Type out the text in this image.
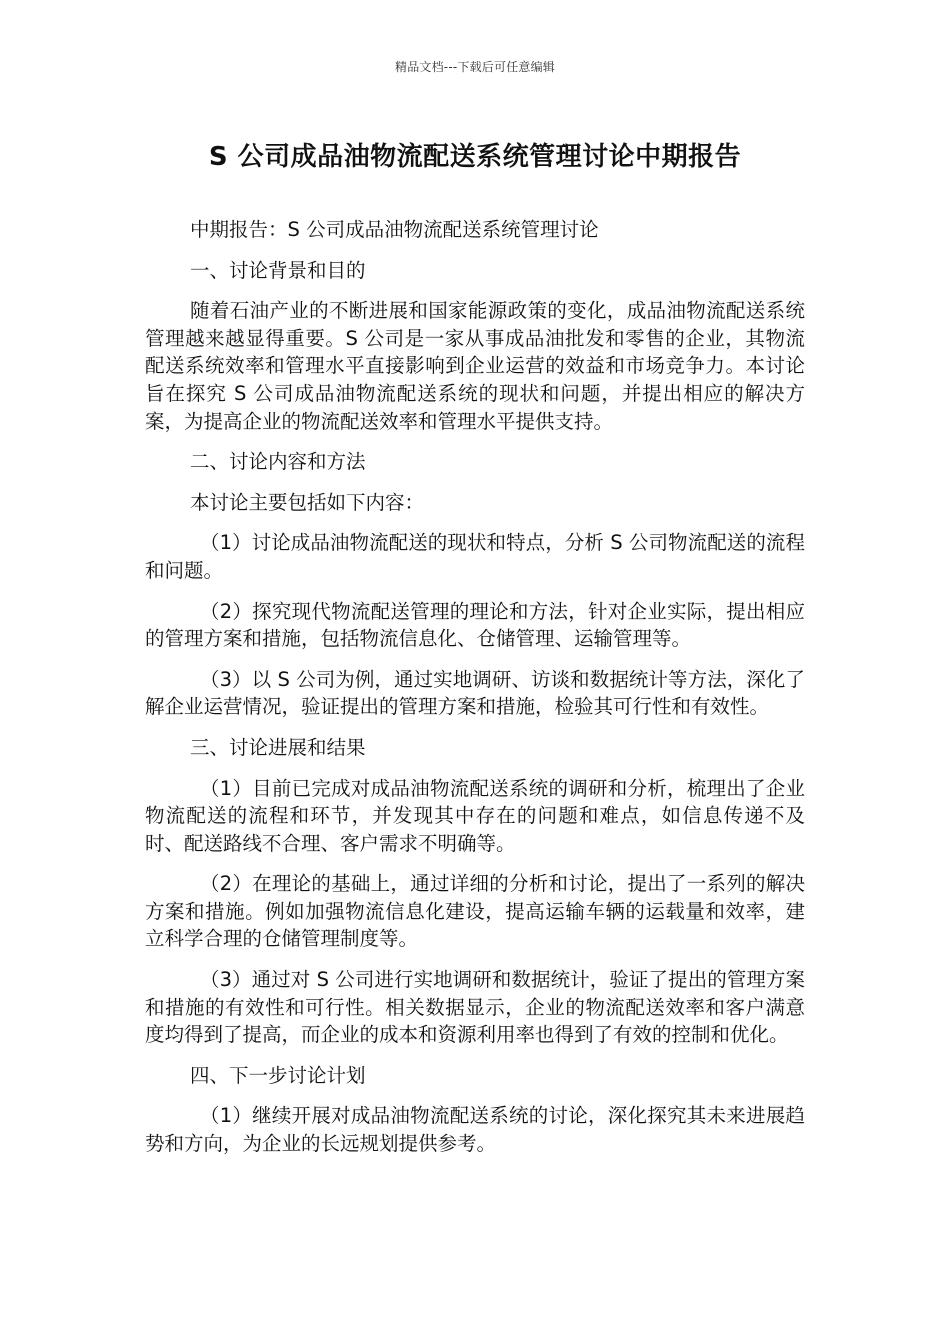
精品文档---下载后可任意编辑
S 公司成品油物流配送系统管理讨论中期报告

中期报告：S 公司成品油物流配送系统管理讨论

一、讨论背景和目的

随着石油产业的不断进展和国家能源政策的变化，成品油物流配送系统管理越来越显得重要。S 公司是一家从事成品油批发和零售的企业，其物流配送系统效率和管理水平直接影响到企业运营的效益和市场竞争力。本讨论旨在探究 S 公司成品油物流配送系统的现状和问题，并提出相应的解决方案，为提高企业的物流配送效率和管理水平提供支持。

二、讨论内容和方法

本讨论主要包括如下内容：

（1）讨论成品油物流配送的现状和特点，分析 S 公司物流配送的流程和问题。

（2）探究现代物流配送管理的理论和方法，针对企业实际，提出相应的管理方案和措施，包括物流信息化、仓储管理、运输管理等。

（3）以 S 公司为例，通过实地调研、访谈和数据统计等方法，深化了解企业运营情况，验证提出的管理方案和措施，检验其可行性和有效性。

三、讨论进展和结果

（1）目前已完成对成品油物流配送系统的调研和分析，梳理出了企业物流配送的流程和环节，并发现其中存在的问题和难点，如信息传递不及时、配送路线不合理、客户需求不明确等。

（2）在理论的基础上，通过详细的分析和讨论，提出了一系列的解决方案和措施。例如加强物流信息化建设，提高运输车辆的运载量和效率，建立科学合理的仓储管理制度等。

（3）通过对 S 公司进行实地调研和数据统计，验证了提出的管理方案和措施的有效性和可行性。相关数据显示，企业的物流配送效率和客户满意度均得到了提高，而企业的成本和资源利用率也得到了有效的控制和优化。

四、下一步讨论计划

（1）继续开展对成品油物流配送系统的讨论，深化探究其未来进展趋势和方向，为企业的长远规划提供参考。
